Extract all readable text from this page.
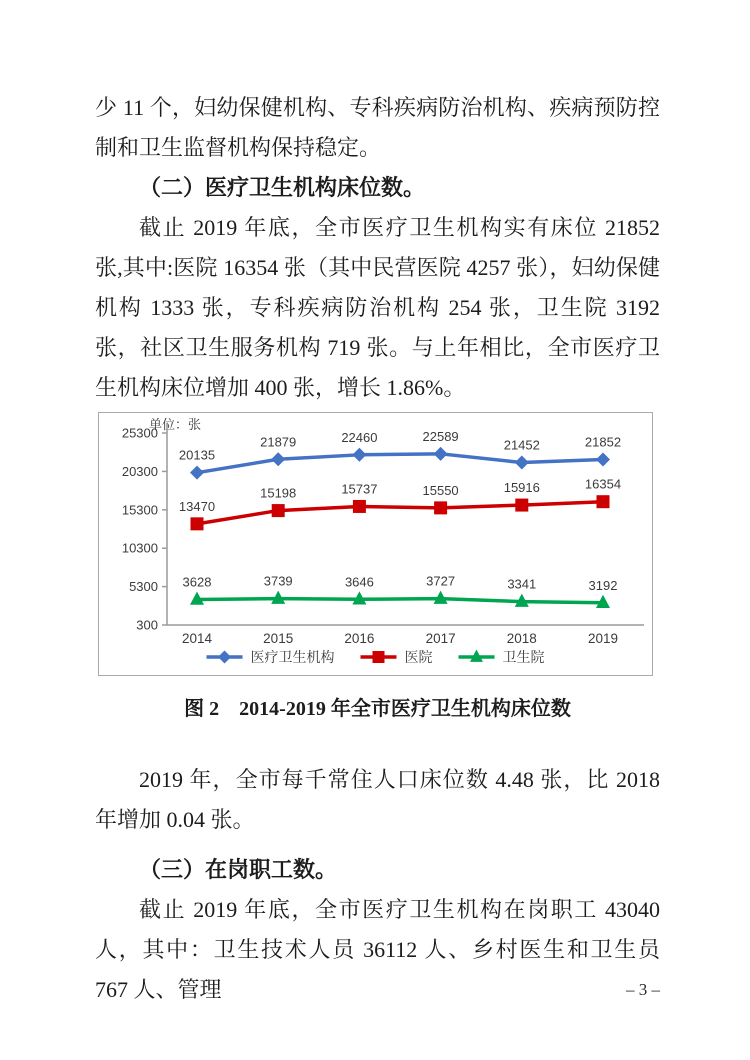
少 11 个，妇幼保健机构、专科疾病防治机构、疾病预防控制和卫生监督机构保持稳定。

（二）医疗卫生机构床位数。

截止 2019 年底，全市医疗卫生机构实有床位 21852 张,其中:医院 16354 张（其中民营医院 4257 张），妇幼保健机构 1333 张，专科疾病防治机构 254 张，卫生院 3192 张，社区卫生服务机构 719 张。与上年相比，全市医疗卫生机构床位增加 400 张，增长 1.86%。

单位：张
300
5300
10300
15300
20300
25300
2014	2015	2016	2017	2018	2019
20135
21879	22460	22589
21452	21852
13470
15198	15737	15550	15916	16354
3628	3739	3646	3727	3341	3192
医疗卫生机构	医院	卫生院

图 2　2014-2019 年全市医疗卫生机构床位数

2019 年，全市每千常住人口床位数 4.48 张，比 2018 年增加 0.04 张。

（三）在岗职工数。

截止 2019 年底，全市医疗卫生机构在岗职工 43040 人，其中：卫生技术人员 36112 人、乡村医生和卫生员 767 人、管理	– 3 –
